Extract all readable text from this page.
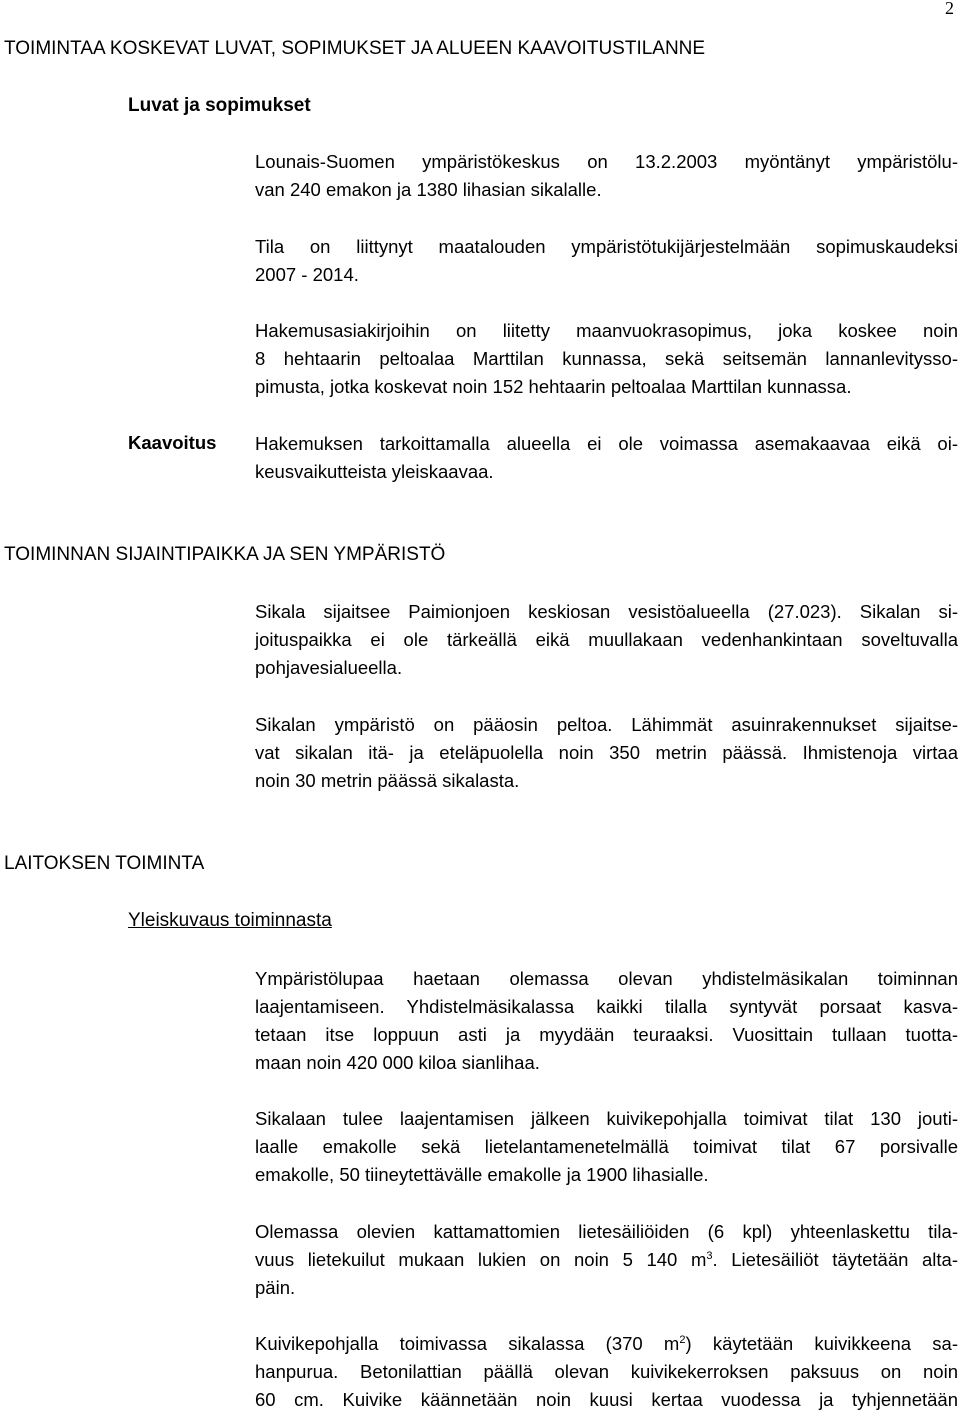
2
TOIMINTAA KOSKEVAT LUVAT, SOPIMUKSET JA ALUEEN KAAVOITUSTILANNE
Luvat ja sopimukset
Lounais-Suomen ympäristökeskus on 13.2.2003 myöntänyt ympäristölu-
van 240 emakon ja 1380 lihasian sikalalle.
Tila on liittynyt maatalouden ympäristötukijärjestelmään sopimuskaudeksi
2007 - 2014.
Hakemusasiakirjoihin on liitetty maanvuokrasopimus, joka koskee noin
8 hehtaarin peltoalaa Marttilan kunnassa, sekä seitsemän lannanlevitysso-
pimusta, jotka koskevat noin 152 hehtaarin peltoalaa Marttilan kunnassa.
Kaavoitus Hakemuksen tarkoittamalla alueella ei ole voimassa asemakaavaa eikä oi-
keusvaikutteista yleiskaavaa.
TOIMINNAN SIJAINTIPAIKKA JA SEN YMPÄRISTÖ
Sikala sijaitsee Paimionjoen keskiosan vesistöalueella (27.023). Sikalan si-
joituspaikka ei ole tärkeällä eikä muullakaan vedenhankintaan soveltuvalla
pohjavesialueella.
Sikalan ympäristö on pääosin peltoa. Lähimmät asuinrakennukset sijaitse-
vat sikalan itä- ja eteläpuolella noin 350 metrin päässä. Ihmistenoja virtaa
noin 30 metrin päässä sikalasta.
LAITOKSEN TOIMINTA
Yleiskuvaus toiminnasta
Ympäristölupaa haetaan olemassa olevan yhdistelmäsikalan toiminnan
laajentamiseen. Yhdistelmäsikalassa kaikki tilalla syntyvät porsaat kasva-
tetaan itse loppuun asti ja myydään teuraaksi. Vuosittain tullaan tuotta-
maan noin 420 000 kiloa sianlihaa.
Sikalaan tulee laajentamisen jälkeen kuivikepohjalla toimivat tilat 130 jouti-
laalle emakolle sekä lietelantamenetelmällä toimivat tilat 67 porsivalle
emakolle, 50 tiineytettävälle emakolle ja 1900 lihasialle.
Olemassa olevien kattamattomien lietesäiliöiden (6 kpl) yhteenlaskettu tila-
vuus lietekuilut mukaan lukien on noin 5 140 $m^3$. Lietesäiliöt täytetään alta-
päin.
Kuivikepohjalla toimivassa sikalassa (370 $m^2$) käytetään kuivikkeena sa-
hanpurua. Betonilattian päällä olevan kuivikekerroksen paksuus on noin
60 cm. Kuivike käännetään noin kuusi kertaa vuodessa ja tyhjennetään
